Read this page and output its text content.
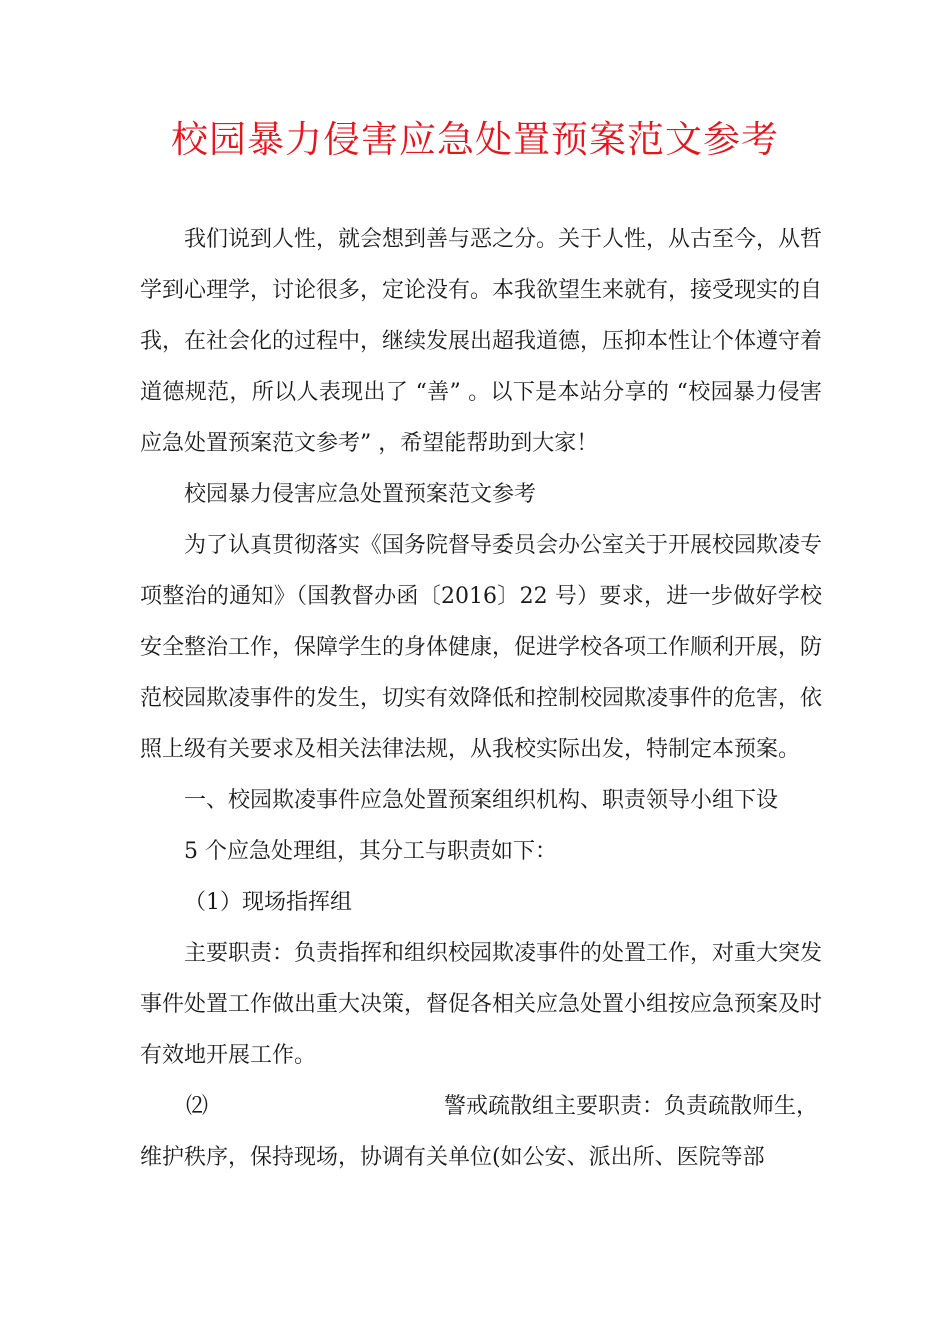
校园暴力侵害应急处置预案范文参考

我们说到人性，就会想到善与恶之分。关于人性，从古至今，从哲学到心理学，讨论很多，定论没有。本我欲望生来就有，接受现实的自我，在社会化的过程中，继续发展出超我道德，压抑本性让个体遵守着道德规范，所以人表现出了 “善” 。以下是本站分享的 “校园暴力侵害应急处置预案范文参考” ，希望能帮助到大家！

校园暴力侵害应急处置预案范文参考

为了认真贯彻落实《国务院督导委员会办公室关于开展校园欺凌专项整治的通知》（国教督办函〔2016〕22 号）要求，进一步做好学校安全整治工作，保障学生的身体健康，促进学校各项工作顺利开展，防范校园欺凌事件的发生，切实有效降低和控制校园欺凌事件的危害，依照上级有关要求及相关法律法规，从我校实际出发，特制定本预案。

一、校园欺凌事件应急处置预案组织机构、职责领导小组下设

5 个应急处理组，其分工与职责如下：

（1）现场指挥组

主要职责：负责指挥和组织校园欺凌事件的处置工作，对重大突发事件处置工作做出重大决策，督促各相关应急处置小组按应急预案及时有效地开展工作。

⑵	警戒疏散组主要职责：负责疏散师生，

维护秩序，保持现场，协调有关单位(如公安、派出所、医院等部
